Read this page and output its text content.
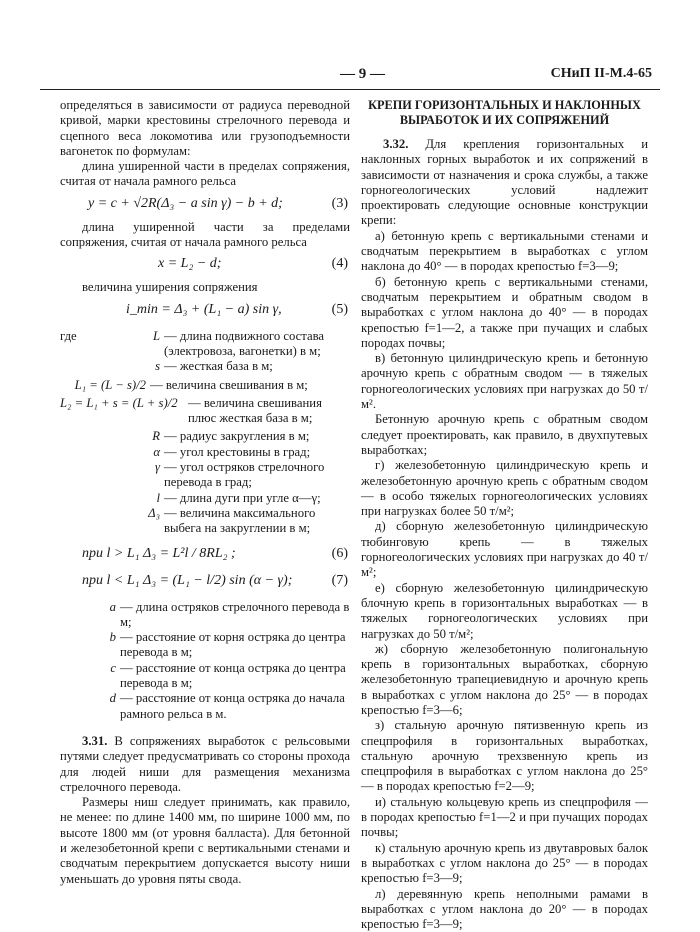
— 9 —	СНиП II-М.4-65

определяться в зависимости от радиуса переводной кривой, марки крестовины стрелочного перевода и сцепного веса локомотива или грузоподъемности вагонеток по формулам:

длина уширенной части в пределах сопряжения, считая от начала рамного рельса

y = c + √2R(Δ₃ − a sin γ) − b + d;	(3)

длина уширенной части за пределами сопряжения, считая от начала рамного рельса

x = L₂ − d;	(4)

величина уширения сопряжения

i_min = Δ₃ + (L₁ − a) sin γ,	(5)
где	L — длина подвижного состава (электровоза, вагонетки) в м;
s — жесткая база в м;
L₁ = (L − s)/2 — величина свешивания в м;
L₂ = L₁ + s = (L + s)/2 — величина свешивания плюс жесткая база в м;
R — радиус закругления в м;
α — угол крестовины в град;
γ — угол остряков стрелочного перевода в град;
l — длина дуги при угле α—γ;
Δ₃ — величина максимального выбега на закруглении в м;
при l > L₁ Δ₃ = L²l / 8RL₂ ;	(6)
при l < L₁ Δ₃ = (L₁ − l/2) sin (α − γ);	(7)
a — длина остряков стрелочного перевода в м;
b — расстояние от корня остряка до центра перевода в м;
c — расстояние от конца остряка до центра перевода в м;
d — расстояние от конца остряка до начала рамного рельса в м.

3.31. В сопряжениях выработок с рельсовыми путями следует предусматривать со стороны прохода для людей ниши для размещения механизма стрелочного перевода.

Размеры ниш следует принимать, как правило, не менее: по длине 1400 мм, по ширине 1000 мм, по высоте 1800 мм (от уровня балласта). Для бетонной и железобетонной крепи с вертикальными стенами и сводчатым перекрытием допускается высоту ниши уменьшать до уровня пяты свода.

КРЕПИ ГОРИЗОНТАЛЬНЫХ И НАКЛОННЫХ ВЫРАБОТОК И ИХ СОПРЯЖЕНИЙ

3.32. Для крепления горизонтальных и наклонных горных выработок и их сопряжений в зависимости от назначения и срока службы, а также горногеологических условий надлежит проектировать следующие основные конструкции крепи:

а) бетонную крепь с вертикальными стенами и сводчатым перекрытием в выработках с углом наклона до 40° — в породах крепостью f=3—9;

б) бетонную крепь с вертикальными стенами, сводчатым перекрытием и обратным сводом в выработках с углом наклона до 40° — в породах крепостью f=1—2, а также при пучащих и слабых породах почвы;

в) бетонную цилиндрическую крепь и бетонную арочную крепь с обратным сводом — в тяжелых горногеологических условиях при нагрузках до 50 т/м².

Бетонную арочную крепь с обратным сводом следует проектировать, как правило, в двухпутевых выработках;

г) железобетонную цилиндрическую крепь и железобетонную арочную крепь с обратным сводом — в особо тяжелых горногеологических условиях при нагрузках более 50 т/м²;

д) сборную железобетонную цилиндрическую тюбинговую крепь — в тяжелых горногеологических условиях при нагрузках до 40 т/м²;

е) сборную железобетонную цилиндрическую блочную крепь в горизонтальных выработках — в тяжелых горногеологических условиях при нагрузках до 50 т/м²;

ж) сборную железобетонную полигональную крепь в горизонтальных выработках, сборную железобетонную трапециевидную и арочную крепь в выработках с углом наклона до 25° — в породах крепостью f=3—6;

з) стальную арочную пятизвенную крепь из спецпрофиля в горизонтальных выработках, стальную арочную трехзвенную крепь из спецпрофиля в выработках с углом наклона до 25° — в породах крепостью f=2—9;

и) стальную кольцевую крепь из спецпрофиля — в породах крепостью f=1—2 и при пучащих породах почвы;

к) стальную арочную крепь из двутавровых балок в выработках с углом наклона до 25° — в породах крепостью f=3—9;

л) деревянную крепь неполными рамами в выработках с углом наклона до 20° — в породах крепостью f=3—9;
